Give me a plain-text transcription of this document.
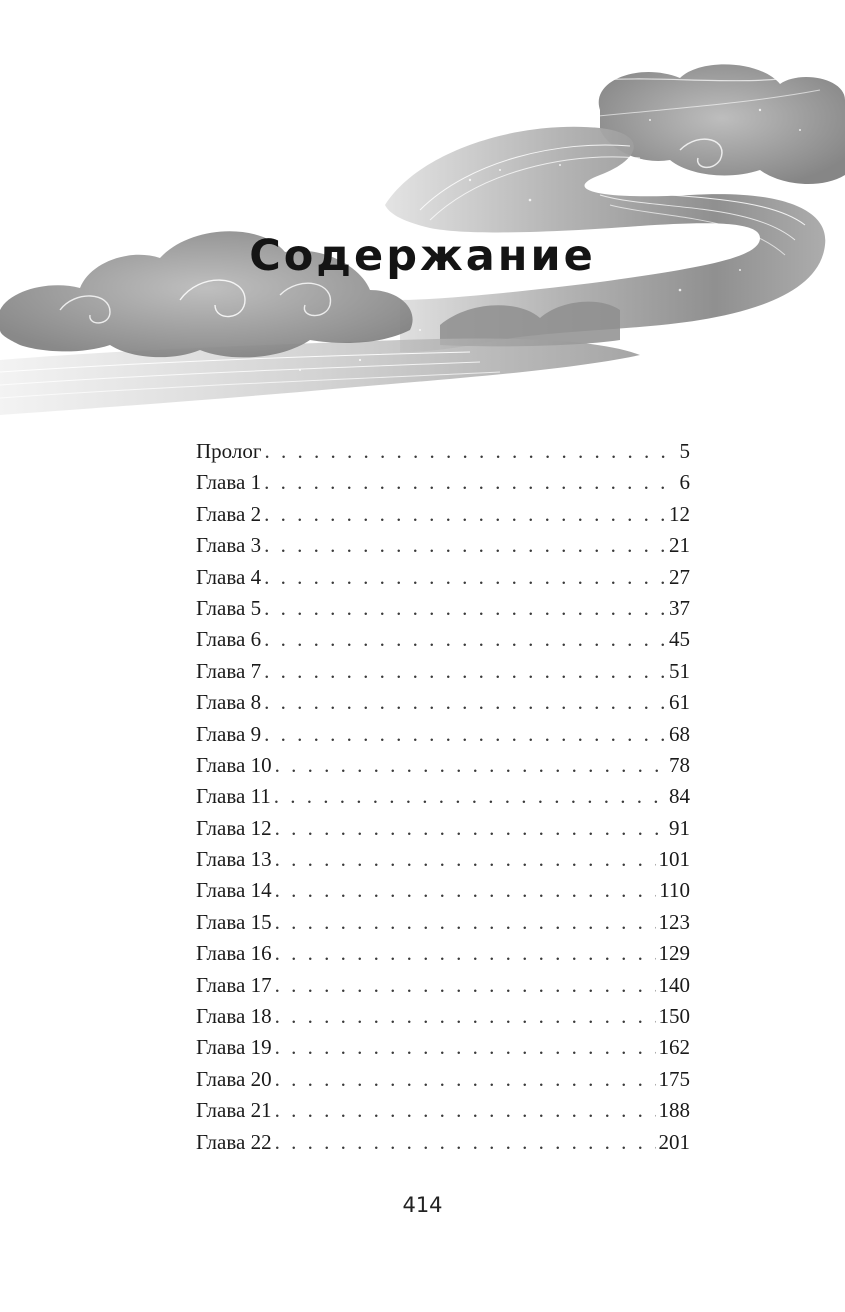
Содержание
Пролог . . .	5
Глава 1 . . .	6
Глава 2 . . .	12
Глава 3 . . .	21
Глава 4 . . .	27
Глава 5 . . .	37
Глава 6 . . .	45
Глава 7 . . .	51
Глава 8 . . .	61
Глава 9 . . .	68
Глава 10 . . .	78
Глава 11 . . .	84
Глава 12 . . .	91
Глава 13 . . .	101
Глава 14 . . .	110
Глава 15 . . .	123
Глава 16 . . .	129
Глава 17 . . .	140
Глава 18 . . .	150
Глава 19 . . .	162
Глава 20 . . .	175
Глава 21 . . .	188
Глава 22 . . .	201
414
